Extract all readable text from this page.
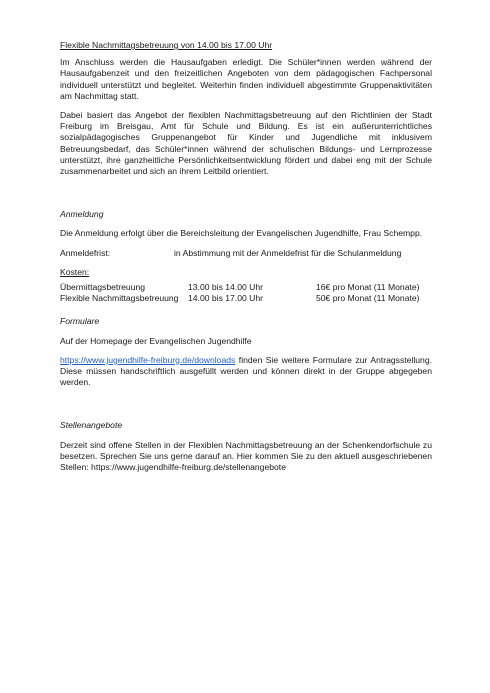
Flexible Nachmittagsbetreuung von 14.00 bis 17.00 Uhr

Im Anschluss werden die Hausaufgaben erledigt. Die Schüler*innen werden während der Hausaufgabenzeit und den freizeitlichen Angeboten von dem pädagogischen Fachpersonal individuell unterstützt und begleitet. Weiterhin finden individuell abgestimmte Gruppenaktivitäten am Nachmittag statt.

Dabei basiert das Angebot der flexiblen Nachmittagsbetreuung auf den Richtlinien der Stadt Freiburg im Breisgau, Amt für Schule und Bildung. Es ist ein außerunterrichtliches sozialpädagogisches Gruppenangebot für Kinder und Jugendliche mit inklusivem Betreuungsbedarf, das Schüler*innen während der schulischen Bildungs- und Lernprozesse unterstützt, ihre ganzheitliche Persönlichkeitsentwicklung fördert und dabei eng mit der Schule zusammenarbeitet und sich an ihrem Leitbild orientiert.

Anmeldung

Die Anmeldung erfolgt über die Bereichsleitung der Evangelischen Jugendhilfe, Frau Schempp.

Anmeldefrist:	in Abstimmung mit der Anmeldefrist für die Schulanmeldung
Kosten:
Übermittagsbetreuung	13.00 bis 14.00 Uhr	16€ pro Monat (11 Monate)
Flexible Nachmittagsbetreuung	14.00 bis 17.00 Uhr	50€ pro Monat (11 Monate)
Formulare

Auf der Homepage der Evangelischen Jugendhilfe

https://www.jugendhilfe-freiburg.de/downloads finden Sie weitere Formulare zur Antragsstellung. Diese müssen handschriftlich ausgefüllt werden und können direkt in der Gruppe abgegeben werden.

Stellenangebote

Derzeit sind offene Stellen in der Flexiblen Nachmittagsbetreuung an der Schenkendorfschule zu besetzen. Sprechen Sie uns gerne darauf an. Hier kommen Sie zu den aktuell ausgeschriebenen Stellen: https://www.jugendhilfe-freiburg.de/stellenangebote
